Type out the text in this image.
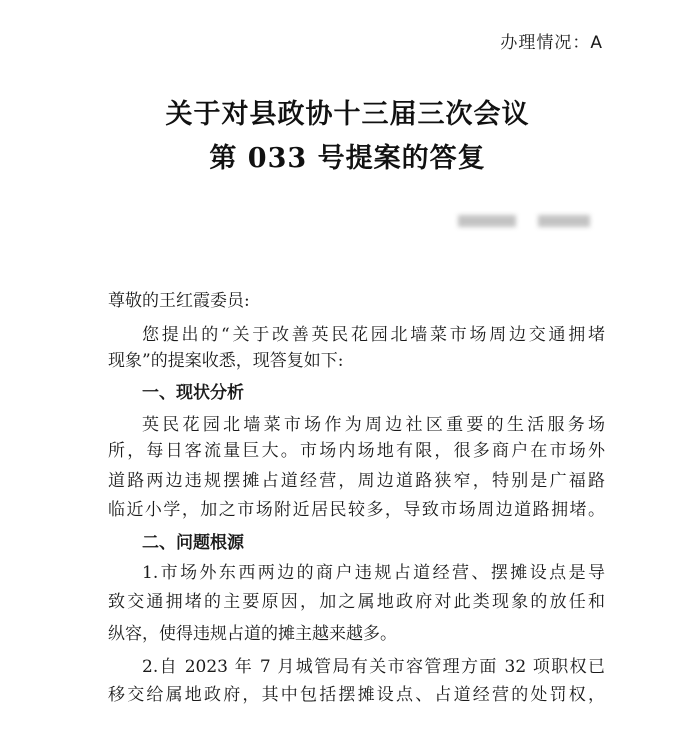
办理情况：A
关于对县政协十三届三次会议
第 033 号提案的答复
尊敬的王红霞委员:
您提出的“关于改善英民花园北墙菜市场周边交通拥堵
现象”的提案收悉，现答复如下:
一、现状分析
英民花园北墙菜市场作为周边社区重要的生活服务场
所，每日客流量巨大。市场内场地有限，很多商户在市场外
道路两边违规摆摊占道经营，周边道路狭窄，特别是广福路
临近小学，加之市场附近居民较多，导致市场周边道路拥堵。
二、问题根源
1.市场外东西两边的商户违规占道经营、摆摊设点是导
致交通拥堵的主要原因，加之属地政府对此类现象的放任和
纵容，使得违规占道的摊主越来越多。
2.自 2023 年 7 月城管局有关市容管理方面 32 项职权已
移交给属地政府，其中包括摆摊设点、占道经营的处罚权，
